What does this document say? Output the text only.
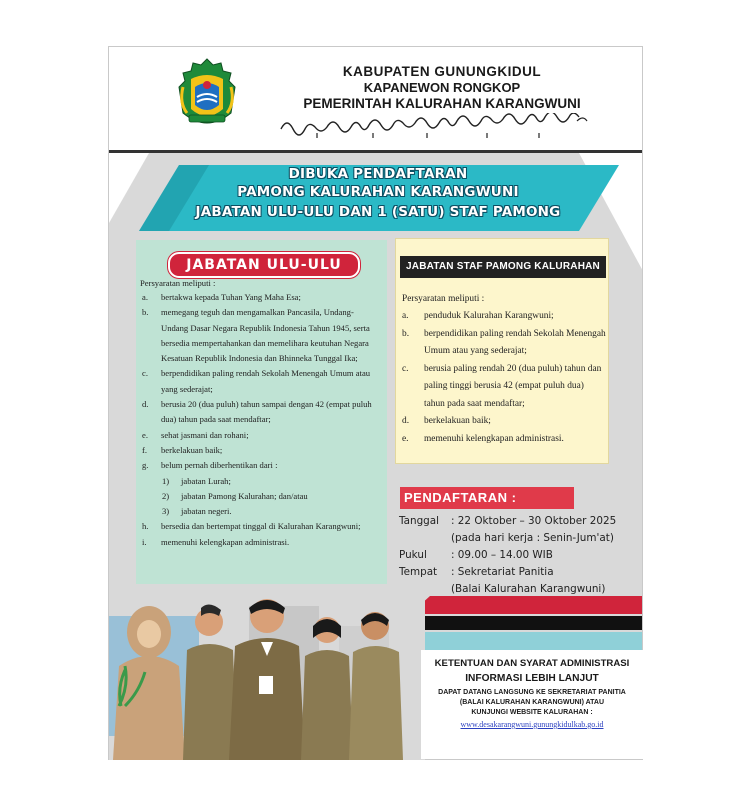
KABUPATEN GUNUNGKIDUL
KAPANEWON RONGKOP
PEMERINTAH KALURAHAN KARANGWUNI
DIBUKA PENDAFTARAN
PAMONG KALURAHAN KARANGWUNI
JABATAN ULU-ULU DAN 1 (SATU) STAF PAMONG
JABATAN ULU-ULU
Persyaratan meliputi :
a. bertakwa kepada Tuhan Yang Maha Esa;
b. memegang teguh dan mengamalkan Pancasila, Undang-Undang Dasar Negara Republik Indonesia Tahun 1945, serta bersedia mempertahankan dan memelihara keutuhan Negara Kesatuan Republik Indonesia dan Bhinneka Tunggal Ika;
c. berpendidikan paling rendah Sekolah Menengah Umum atau yang sederajat;
d. berusia 20 (dua puluh) tahun sampai dengan 42 (empat puluh dua) tahun pada saat mendaftar;
e. sehat jasmani dan rohani;
f. berkelakuan baik;
g. belum pernah diberhentikan dari :
1) jabatan Lurah;
2) jabatan Pamong Kalurahan; dan/atau
3) jabatan negeri.
h. bersedia dan bertempat tinggal di Kalurahan Karangwuni;
i. memenuhi kelengkapan administrasi.
JABATAN STAF PAMONG KALURAHAN
Persyaratan meliputi :
a. penduduk Kalurahan Karangwuni;
b. berpendidikan paling rendah Sekolah Menengah Umum atau yang sederajat;
c. berusia paling rendah 20 (dua puluh) tahun dan paling tinggi berusia 42 (empat puluh dua) tahun pada saat mendaftar;
d. berkelakuan baik;
e. memenuhi kelengkapan administrasi.
PENDAFTARAN :
Tanggal : 22 Oktober – 30 Oktober 2025
(pada hari kerja : Senin-Jum'at)
Pukul : 09.00 – 14.00 WIB
Tempat : Sekretariat Panitia
(Balai Kalurahan Karangwuni)
KETENTUAN DAN SYARAT ADMINISTRASI
INFORMASI LEBIH LANJUT
DAPAT DATANG LANGSUNG KE SEKRETARIAT PANITIA
(BALAI KALURAHAN KARANGWUNI) ATAU
KUNJUNGI WEBSITE KALURAHAN :
www.desakarangwuni.gunungkidulkab.go.id
